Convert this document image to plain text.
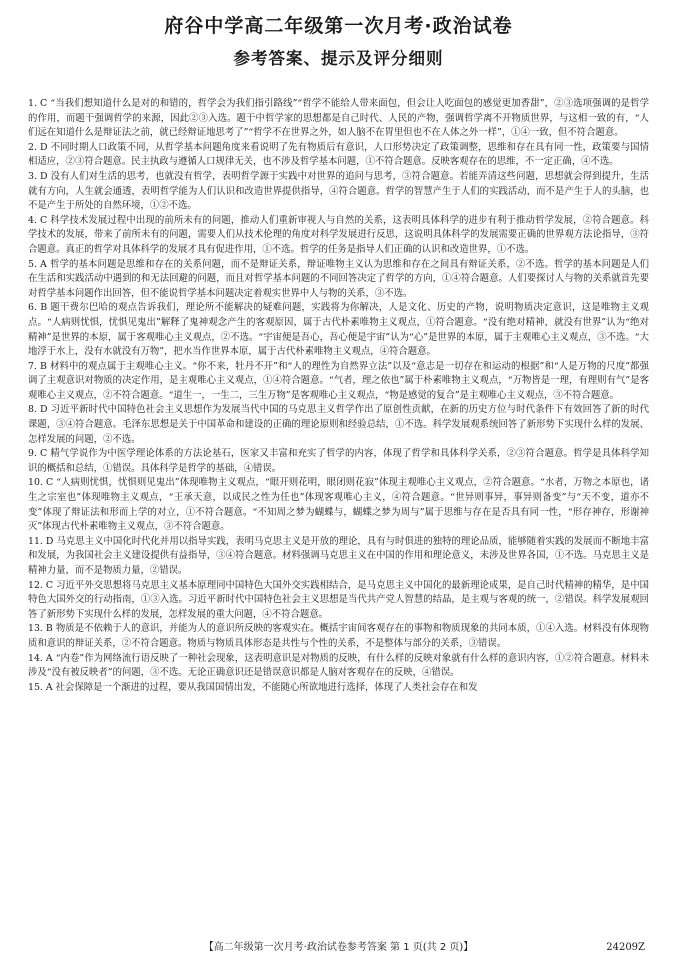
府谷中学高二年级第一次月考·政治试卷
参考答案、提示及评分细则

1. C “当我们想知道什么是对的和错的，哲学会为我们指引路线”“哲学不能给人带来面包，但会让人吃面包的感觉更加香甜”，②③选项强调的是哲学的作用，而题干强调哲学的来源，因此②③入选。题干中哲学家的思想都是自己时代、人民的产物，强调哲学离不开物质世界，与这相一致的有，“人们远在知道什么是辩证法之前，就已经辩证地思考了”“哲学不在世界之外，如人脑不在胃里但也不在人体之外一样”，①④一致，但不符合题意。

2. D 不同时期人口政策不同，从哲学基本问题角度来看说明了先有物质后有意识，人口形势决定了政策调整，思维和存在具有同一性，政策要与国情相适应，②③符合题意。民主执政与遵循人口规律无关，也不涉及哲学基本问题，①不符合题意。反映客观存在的思维，不一定正确，④不选。

3. D 没有人们对生活的思考，也就没有哲学，表明哲学源于实践中对世界的追问与思考，③符合题意。若能弄清这些问题，思想就会得到提升，生活就有方向，人生就会通透，表明哲学能为人们认识和改造世界提供指导，④符合题意。哲学的智慧产生于人们的实践活动，而不是产生于人的头脑，也不是产生于所处的自然环境，①②不选。

4. C 科学技术发展过程中出现的前所未有的问题，推动人们重新审视人与自然的关系，这表明具体科学的进步有利于推动哲学发展，②符合题意。科学技术的发展，带来了前所未有的问题，需要人们从技术伦理的角度对科学发展进行反思，这说明具体科学的发展需要正确的世界观方法论指导，③符合题意。真正的哲学对具体科学的发展才具有促进作用，①不选。哲学的任务是指导人们正确的认识和改造世界，①不选。

5. A 哲学的基本问题是思维和存在的关系问题，而不是辩证关系，辩证唯物主义认为思维和存在之间具有辩证关系，②不选。哲学的基本问题是人们在生活和实践活动中遇到的和无法回避的问题，而且对哲学基本问题的不同回答决定了哲学的方向，①④符合题意。人们要探讨人与物的关系就首先要对哲学基本问题作出回答，但不能说哲学基本问题决定着观实世界中人与物的关系，③不选。

6. B 题干费尔巴哈的观点告诉我们，理论所不能解决的疑难问题，实践将为你解决，人是文化、历史的产物，说明物质决定意识，这是唯物主义观点。“人病则忧惧，忧惧见鬼出”解释了鬼神观念产生的客观原因，属于古代朴素唯物主义观点，①符合题意。“没有绝对精神，就没有世界”认为“绝对精神”是世界的本原，属于客观唯心主义观点，②不选。“宇宙便是吾心，吾心便是宇宙”认为“心”是世界的本原，属于主观唯心主义观点，③不选。“大地浮于水上，没有水就没有万物”，把水当作世界本原，属于古代朴素唯物主义观点，④符合题意。

7. B 材料中的观点属于主观唯心主义。“你不来，牡丹不开”和“人的理性为自然界立法”以及“意志是一切存在和运动的根据”和“人是万物的尺度”都强调了主观意识对物质的决定作用，是主观唯心主义观点，①④符合题意。“气者，理之依也”属于朴素唯物主义观点，“万物皆是一理，有理则有气”是客观唯心主义观点，②不符合题意。“道生一，一生二，三生万物”是客观唯心主义观点，“物是感觉的复合”是主观唯心主义观点，③不符合题意。

8. D 习近平新时代中国特色社会主义思想作为发展当代中国的马克思主义哲学作出了原创性贡献，在新的历史方位与时代条件下有效回答了新的时代课题，③④符合题意。毛泽东思想是关于中国革命和建设的正确的理论原则和经验总结，①不选。科学发展观系统回答了新形势下实现什么样的发展、怎样发展的问题，②不选。

9. C 精气学说作为中医学理论体系的方法论基石，医家又丰富和充实了哲学的内容，体现了哲学和具体科学关系，②③符合题意。哲学是具体科学知识的概括和总结，①错误。具体科学是哲学的基础，④错误。

10. C “人病则忧惧，忧惧则见鬼出”体现唯物主义观点，“眼开则花明，眼闭则花寂”体现主观唯心主义观点，②符合题意。“水者，万物之本原也，诸生之宗室也”体现唯物主义观点，“王承天意，以成民之性为任也”体现客观唯心主义，④符合题意。“世异则事异，事异则备变”与“天不变，道亦不变”体现了辩证法和形而上学的对立，①不符合题意。“不知周之梦为蝴蝶与，蝴蝶之梦为周与”属于思维与存在是否具有同一性，“形存神存，形谢神灭”体现古代朴素唯物主义观点，③不符合题意。

11. D 马克思主义中国化时代化并用以指导实践，表明马克思主义是开放的理论，具有与时俱进的独特的理论品质，能够随着实践的发展而不断地丰富和发展，为我国社会主义建设提供有益指导，③④符合题意。材料强调马克思主义在中国的作用和理论意义，未涉及世界各国，①不选。马克思主义是精神力量，而不是物质力量，②错误。

12. C 习近平外交思想将马克思主义基本原理同中国特色大国外交实践相结合，是马克思主义中国化的最新理论成果，是自己时代精神的精华，是中国特色大国外交的行动指南，①③入选。习近平新时代中国特色社会主义思想是当代共产党人智慧的结晶，是主观与客观的统一，②错误。科学发展观回答了新形势下实现什么样的发展，怎样发展的重大问题，④不符合题意。

13. B 物质是不依赖于人的意识，并能为人的意识所反映的客观实在。概括宇宙间客观存在的事物和物质现象的共同本质，①④入选。材料没有体现物质和意识的辩证关系，②不符合题意。物质与物质具体形态是共性与个性的关系，不是整体与部分的关系，③错误。

14. A “内卷”作为网络流行语反映了一种社会现象，这表明意识是对物质的反映，有什么样的反映对象就有什么样的意识内容，①②符合题意。材料未涉及“没有被反映者”的问题，③不选。无论正确意识还是错误意识都是人脑对客观存在的反映，④错误。

15. A 社会保障是一个渐进的过程，要从我国国情出发，不能随心所欲地进行选择，体现了人类社会存在和发

【高二年级第一次月考·政治试卷参考答案 第 1 页(共 2 页)】	24209Z
